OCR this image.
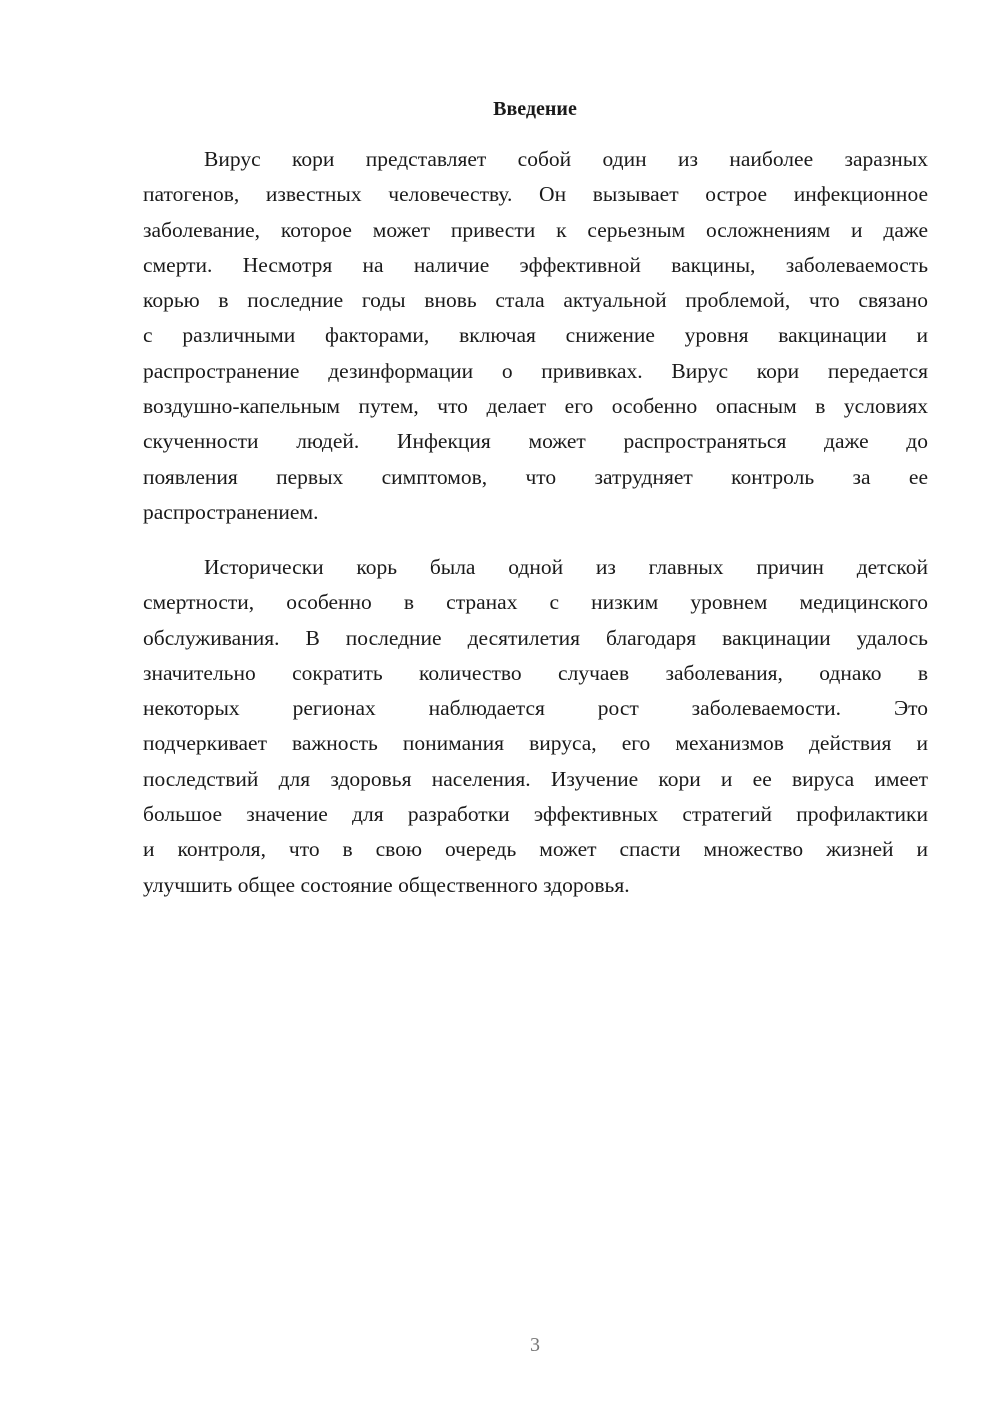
Введение
Вирус кори представляет собой один из наиболее заразных
патогенов, известных человечеству. Он вызывает острое инфекционное
заболевание, которое может привести к серьезным осложнениям и даже
смерти. Несмотря на наличие эффективной вакцины, заболеваемость
корью в последние годы вновь стала актуальной проблемой, что связано
с различными факторами, включая снижение уровня вакцинации и
распространение дезинформации о прививках. Вирус кори передается
воздушно-капельным путем, что делает его особенно опасным в условиях
скученности людей. Инфекция может распространяться даже до
появления первых симптомов, что затрудняет контроль за ее
распространением.
Исторически корь была одной из главных причин детской
смертности, особенно в странах с низким уровнем медицинского
обслуживания. В последние десятилетия благодаря вакцинации удалось
значительно сократить количество случаев заболевания, однако в
некоторых регионах наблюдается рост заболеваемости. Это
подчеркивает важность понимания вируса, его механизмов действия и
последствий для здоровья населения. Изучение кори и ее вируса имеет
большое значение для разработки эффективных стратегий профилактики
и контроля, что в свою очередь может спасти множество жизней и
улучшить общее состояние общественного здоровья.
3
